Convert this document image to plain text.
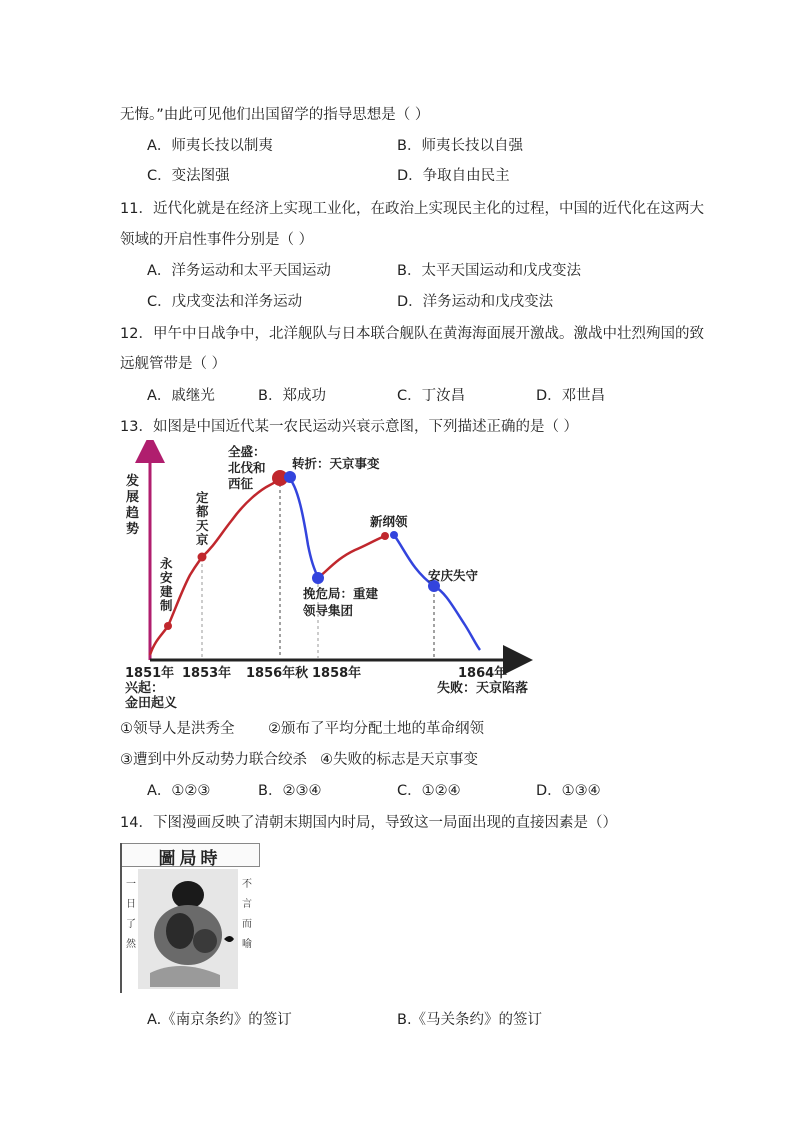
无悔。”由此可见他们出国留学的指导思想是（ ）
A．师夷长技以制夷	B．师夷长技以自强
C．变法图强	D．争取自由民主
11．近代化就是在经济上实现工业化，在政治上实现民主化的过程，中国的近代化在这两大
领域的开启性事件分别是（ ）
A．洋务运动和太平天国运动	B．太平天国运动和戊戌变法
C．戊戌变法和洋务运动	D．洋务运动和戊戌变法
12．甲午中日战争中，北洋舰队与日本联合舰队在黄海海面展开激战。激战中壮烈殉国的致
远舰管带是（ ）
A．戚继光	B．郑成功	C．丁汝昌	D．邓世昌
13．如图是中国近代某一农民运动兴衰示意图，下列描述正确的是（ ）
发展趋势
永安建制
定都天京
全盛：北伐和西征
转折：天京事变
挽危局：重建领导集团
新纲领
安庆失守
1851年 1853年 1856年秋 1858年	1864年
兴起：
金田起义
失败：天京陷落
①领导人是洪秀全 ②颁布了平均分配土地的革命纲领
③遭到中外反动势力联合绞杀 ④失败的标志是天京事变
A．①②③	B．②③④	C．①②④	D．①③④
14．下图漫画反映了清朝末期国内时局，导致这一局面出现的直接因素是（）
圖局時
一
日
了
然
不
言
而
喻
A.《南京条约》的签订	B.《马关条约》的签订
